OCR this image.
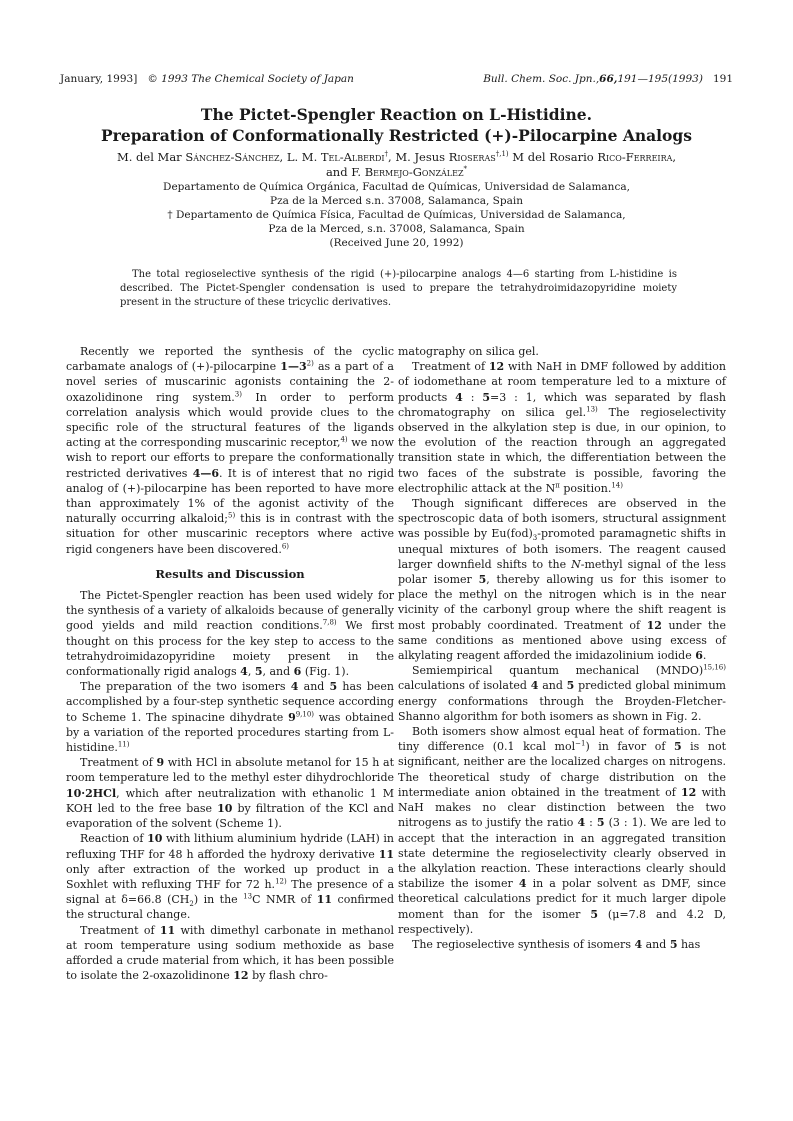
January, 1993] © 1993 The Chemical Society of Japan	Bull. Chem. Soc. Jpn.,66,191—195(1993) 191
The Pictet-Spengler Reaction on L-Histidine.
Preparation of Conformationally Restricted (+)-Pilocarpine Analogs
M. del Mar Sánchez-Sánchez, L. M. Tel-Alberdi†, M. Jesus Rioseras$^{\dagger,1)}$ M del Rosario Rico-Ferreira,
and F. Bermejo-González*
Departamento de Química Orgánica, Facultad de Químicas, Universidad de Salamanca,
Pza de la Merced s.n. 37008, Salamanca, Spain
† Departamento de Química Física, Facultad de Químicas, Universidad de Salamanca,
Pza de la Merced, s.n. 37008, Salamanca, Spain
(Received June 20, 1992)
The total regioselective synthesis of the rigid (+)-pilocarpine analogs 4—6 starting from L-histidine is described. The Pictet-Spengler condensation is used to prepare the tetrahydroimidazopyridine moiety present in the structure of these tricyclic derivatives.

Recently we reported the synthesis of the cyclic carbamate analogs of (+)-pilocarpine 1—3$^{2)}$ as a part of a novel series of muscarinic agonists containing the 2-oxazolidinone ring system.$^{3)}$ In order to perform correlation analysis which would provide clues to the specific role of the structural features of the ligands acting at the corresponding muscarinic receptor,$^{4)}$ we now wish to report our efforts to prepare the conformationally restricted derivatives 4—6. It is of interest that no rigid analog of (+)-pilocarpine has been reported to have more than approximately 1% of the agonist activity of the naturally occurring alkaloid;$^{5)}$ this is in contrast with the situation for other muscarinic receptors where active rigid congeners have been discovered.$^{6)}$

Results and Discussion

The Pictet-Spengler reaction has been used widely for the synthesis of a variety of alkaloids because of generally good yields and mild reaction conditions.$^{7,8)}$ We first thought on this process for the key step to access to the tetrahydroimidazopyridine moiety present in the conformationally rigid analogs 4, 5, and 6 (Fig. 1).

The preparation of the two isomers 4 and 5 has been accomplished by a four-step synthetic sequence according to Scheme 1. The spinacine dihydrate 9$^{9,10)}$ was obtained by a variation of the reported procedures starting from L-histidine.$^{11)}$

Treatment of 9 with HCl in absolute metanol for 15 h at room temperature led to the methyl ester dihydrochloride 10·2HCl, which after neutralization with ethanolic 1 M KOH led to the free base 10 by filtration of the KCl and evaporation of the solvent (Scheme 1).

Reaction of 10 with lithium aluminium hydride (LAH) in refluxing THF for 48 h afforded the hydroxy derivative 11 only after extraction of the worked up product in a Soxhlet with refluxing THF for 72 h.$^{12)}$ The presence of a signal at δ=66.8 $(CH_2)$ in the $^{13}$C NMR of 11 confirmed the structural change.

Treatment of 11 with dimethyl carbonate in methanol at room temperature using sodium methoxide as base afforded a crude material from which, it has been possible to isolate the 2-oxazolidinone 12 by flash chro-

matography on silica gel.

Treatment of 12 with NaH in DMF followed by addition of iodomethane at room temperature led to a mixture of products 4 : 5=3 : 1, which was separated by flash chromatography on silica gel.$^{13)}$ The regioselectivity observed in the alkylation step is due, in our opinion, to the evolution of the reaction through an aggregated transition state in which, the differentiation between the two faces of the substrate is possible, favoring the electrophilic attack at the $N^\pi$ position.$^{14)}$

Though significant differeces are observed in the spectroscopic data of both isomers, structural assignment was possible by $Eu(fod)_3$-promoted paramagnetic shifts in unequal mixtures of both isomers. The reagent caused larger downfield shifts to the N-methyl signal of the less polar isomer 5, thereby allowing us for this isomer to place the methyl on the nitrogen which is in the near vicinity of the carbonyl group where the shift reagent is most probably coordinated. Treatment of 12 under the same conditions as mentioned above using excess of alkylating reagent afforded the imidazolinium iodide 6.

Semiempirical quantum mechanical (MNDO)$^{15,16)}$ calculations of isolated 4 and 5 predicted global minimum energy conformations through the Broyden-Fletcher-Shanno algorithm for both isomers as shown in Fig. 2.

Both isomers show almost equal heat of formation. The tiny difference (0.1 kcal mol$^{-1}$) in favor of 5 is not significant, neither are the localized charges on nitrogens. The theoretical study of charge distribution on the intermediate anion obtained in the treatment of 12 with NaH makes no clear distinction between the two nitrogens as to justify the ratio 4 : 5 (3 : 1). We are led to accept that the interaction in an aggregated transition state determine the regioselectivity clearly observed in the alkylation reaction. These interactions clearly should stabilize the isomer 4 in a polar solvent as DMF, since theoretical calculations predict for it much larger dipole moment than for the isomer 5 (μ=7.8 and 4.2 D, respectively).

The regioselective synthesis of isomers 4 and 5 has
